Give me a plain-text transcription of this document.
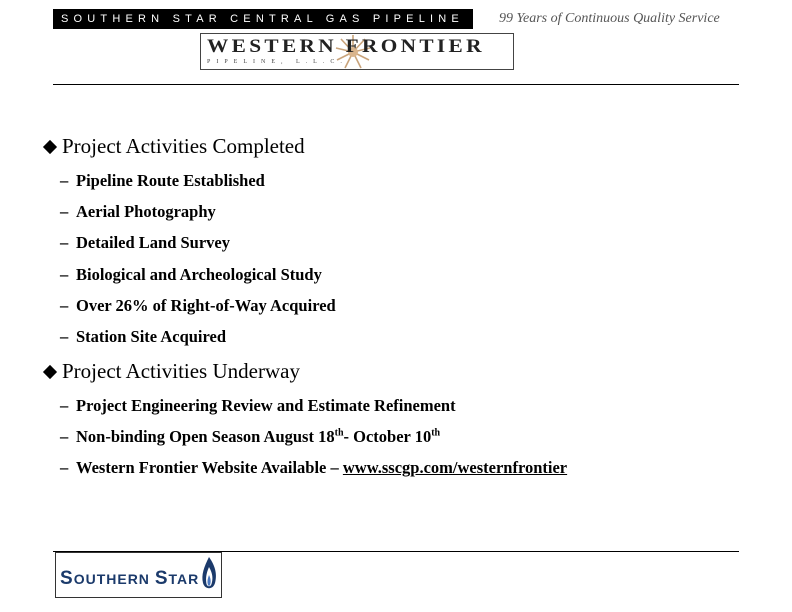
SOUTHERN STAR CENTRAL GAS PIPELINE	99 Years of Continuous Quality Service
WESTERN FRONTIER
PIPELINE, L.L.C.
Project Activities Completed
– Pipeline Route Established
– Aerial Photography
– Detailed Land Survey
– Biological and Archeological Study
– Over 26% of Right-of-Way Acquired
– Station Site Acquired
Project Activities Underway
– Project Engineering Review and Estimate Refinement
– Non-binding Open Season August 18th- October 10th
– Western Frontier Website Available – www.sscgp.com/westernfrontier
SOUTHERN STAR
